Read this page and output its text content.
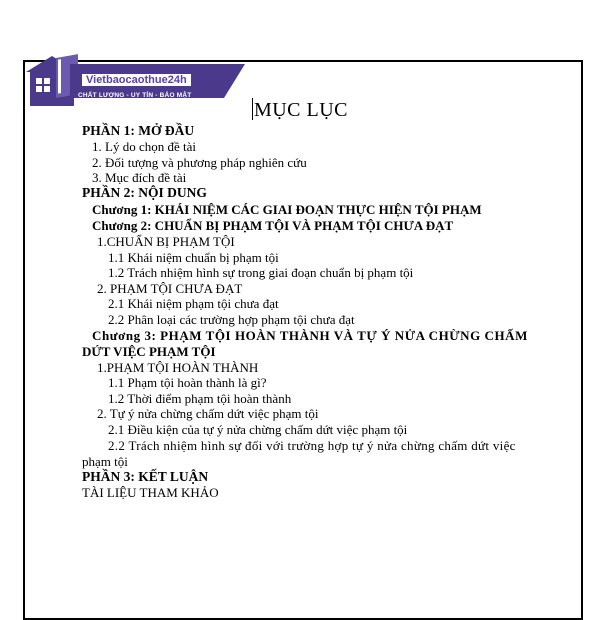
Vietbaocaothue24h
CHẤT LƯỢNG - UY TÍN - BẢO MẬT
MỤC LỤC
PHẦN 1: MỞ ĐẦU
1. Lý do chọn đề tài
2. Đối tượng và phương pháp nghiên cứu
3. Mục đích đề tài
PHẦN 2: NỘI DUNG
Chương 1: KHÁI NIỆM CÁC GIAI ĐOẠN THỰC HIỆN TỘI PHẠM
Chương 2: CHUẨN BỊ PHẠM TỘI VÀ PHẠM TỘI CHƯA ĐẠT
1.CHUẨN BỊ PHẠM TỘI
1.1 Khái niệm chuẩn bị phạm tội
1.2 Trách nhiệm hình sự trong giai đoạn chuẩn bị phạm tội
2. PHẠM TỘI CHƯA ĐẠT
2.1 Khái niệm phạm tội chưa đạt
2.2 Phân loại các trường hợp phạm tội chưa đạt
Chương 3: PHẠM TỘI HOÀN THÀNH VÀ TỰ Ý NỬA CHỪNG CHẤM
DỨT VIỆC PHẠM TỘI
1.PHẠM TỘI HOÀN THÀNH
1.1 Phạm tội hoàn thành là gì?
1.2 Thời điểm phạm tội hoàn thành
2. Tự ý nửa chừng chấm dứt việc phạm tội
2.1 Điều kiện của tự ý nửa chừng chấm dứt việc phạm tội
2.2 Trách nhiệm hình sự đối với trường hợp tự ý nửa chừng chấm dứt việc
phạm tội
PHẦN 3: KẾT LUẬN
TÀI LIỆU THAM KHẢO
